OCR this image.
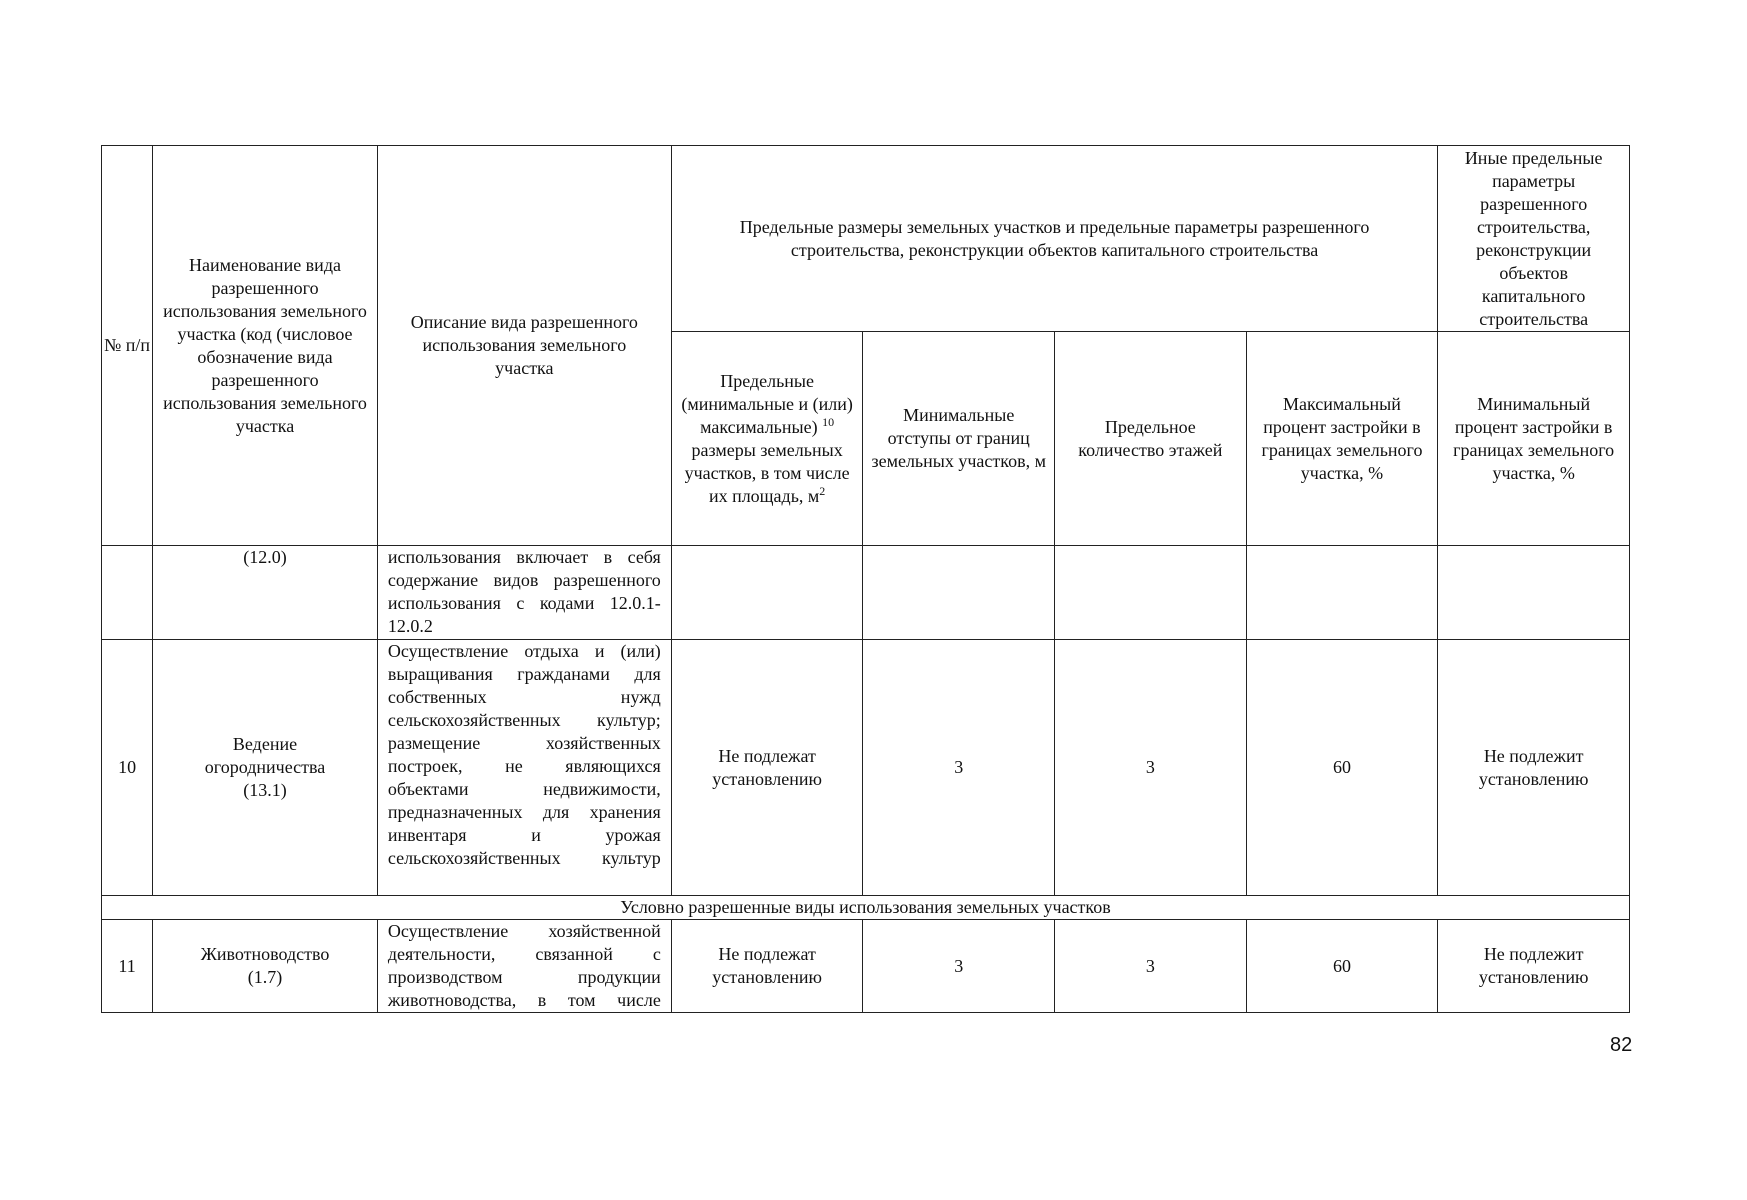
№ п/п	Наименование вида разрешенного использования земельного участка (код (числовое обозначение вида разрешенного использования земельного участка	Описание вида разрешенного использования земельного участка	Предельные размеры земельных участков и предельные параметры разрешенного строительства, реконструкции объектов капитального строительства				Иные предельные параметры разрешенного строительства, реконструкции объектов капитального строительства
			Предельные (минимальные и (или) максимальные) $^{10}$ размеры земельных участков, в том числе их площадь, $м^2$	Минимальные отступы от границ земельных участков, м	Предельное количество этажей	Максимальный процент застройки в границах земельного участка, %	Минимальный процент застройки в границах земельного участка, %
	(12.0)	использования включает в себя содержание видов разрешенного использования с кодами 12.0.1-12.0.2					
10	Ведение огородничества (13.1)	Осуществление отдыха и (или) выращивания гражданами для собственных нужд сельскохозяйственных культур; размещение хозяйственных построек, не являющихся объектами недвижимости, предназначенных для хранения инвентаря и урожая сельскохозяйственных культур	Не подлежат установлению	3	3	60	Не подлежит установлению
Условно разрешенные виды использования земельных участков							
11	Животноводство (1.7)	Осуществление хозяйственной деятельности, связанной с производством продукции животноводства, в том числе	Не подлежат установлению	3	3	60	Не подлежит установлению
82
